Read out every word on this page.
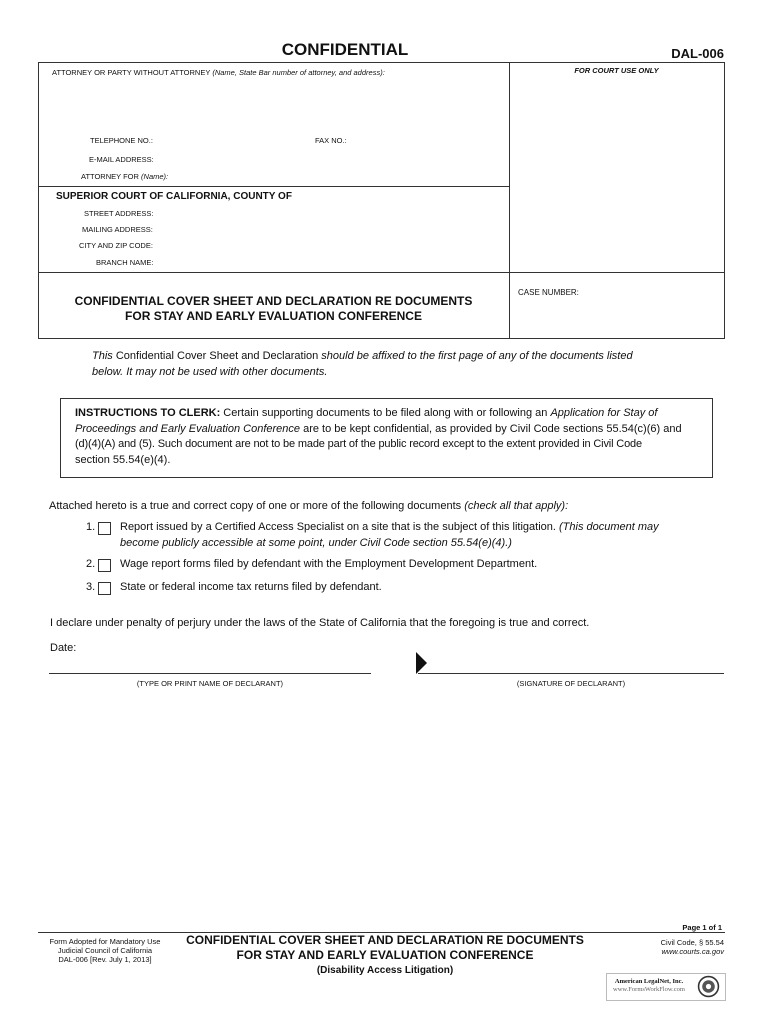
CONFIDENTIAL	DAL-006
ATTORNEY OR PARTY WITHOUT ATTORNEY (Name, State Bar number of attorney, and address):	FOR COURT USE ONLY
TELEPHONE NO.:	FAX NO.:
E-MAIL ADDRESS:
ATTORNEY FOR (Name):
SUPERIOR COURT OF CALIFORNIA, COUNTY OF
STREET ADDRESS:
MAILING ADDRESS:
CITY AND ZIP CODE:
BRANCH NAME:
CONFIDENTIAL COVER SHEET AND DECLARATION RE DOCUMENTS
FOR STAY AND EARLY EVALUATION CONFERENCE
CASE NUMBER:
This Confidential Cover Sheet and Declaration should be affixed to the first page of any of the documents listed
below. It may not be used with other documents.
INSTRUCTIONS TO CLERK: Certain supporting documents to be filed along with or following an Application for Stay of
Proceedings and Early Evaluation Conference are to be kept confidential, as provided by Civil Code sections 55.54(c)(6) and
(d)(4)(A) and (5). Such document are not to be made part of the public record except to the extent provided in Civil Code
section 55.54(e)(4).
Attached hereto is a true and correct copy of one or more of the following documents (check all that apply):
1. Report issued by a Certified Access Specialist on a site that is the subject of this litigation. (This document may
become publicly accessible at some point, under Civil Code section 55.54(e)(4).)
2. Wage report forms filed by defendant with the Employment Development Department.
3. State or federal income tax returns filed by defendant.
I declare under penalty of perjury under the laws of the State of California that the foregoing is true and correct.
Date:
(TYPE OR PRINT NAME OF DECLARANT)	(SIGNATURE OF DECLARANT)
Page 1 of 1
Form Adopted for Mandatory Use
Judicial Council of California
DAL-006 [Rev. July 1, 2013]
CONFIDENTIAL COVER SHEET AND DECLARATION RE DOCUMENTS
FOR STAY AND EARLY EVALUATION CONFERENCE
(Disability Access Litigation)
Civil Code, § 55.54
www.courts.ca.gov
American LegalNet, Inc.
www.FormsWorkFlow.com
